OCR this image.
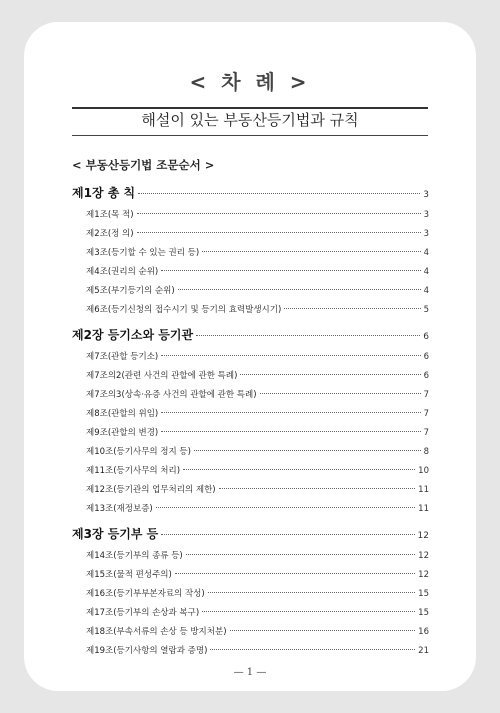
< 차 례 >
해설이 있는 부동산등기법과 규칙
< 부동산등기법 조문순서 >
제1장 총 칙	3
제1조(목 적)	3
제2조(정 의)	3
제3조(등기할 수 있는 권리 등)	4
제4조(권리의 순위)	4
제5조(부기등기의 순위)	4
제6조(등기신청의 접수시기 및 등기의 효력발생시기)	5
제2장 등기소와 등기관	6
제7조(관할 등기소)	6
제7조의2(관련 사건의 관할에 관한 특례)	6
제7조의3(상속·유증 사건의 관할에 관한 특례)	7
제8조(관할의 위임)	7
제9조(관할의 변경)	7
제10조(등기사무의 정지 등)	8
제11조(등기사무의 처리)	10
제12조(등기관의 업무처리의 제한)	11
제13조(재정보증)	11
제3장 등기부 등	12
제14조(등기부의 종류 등)	12
제15조(물적 편성주의)	12
제16조(등기부부본자료의 작성)	15
제17조(등기부의 손상과 복구)	15
제18조(부속서류의 손상 등 방지처분)	16
제19조(등기사항의 열람과 증명)	21
— 1 —
